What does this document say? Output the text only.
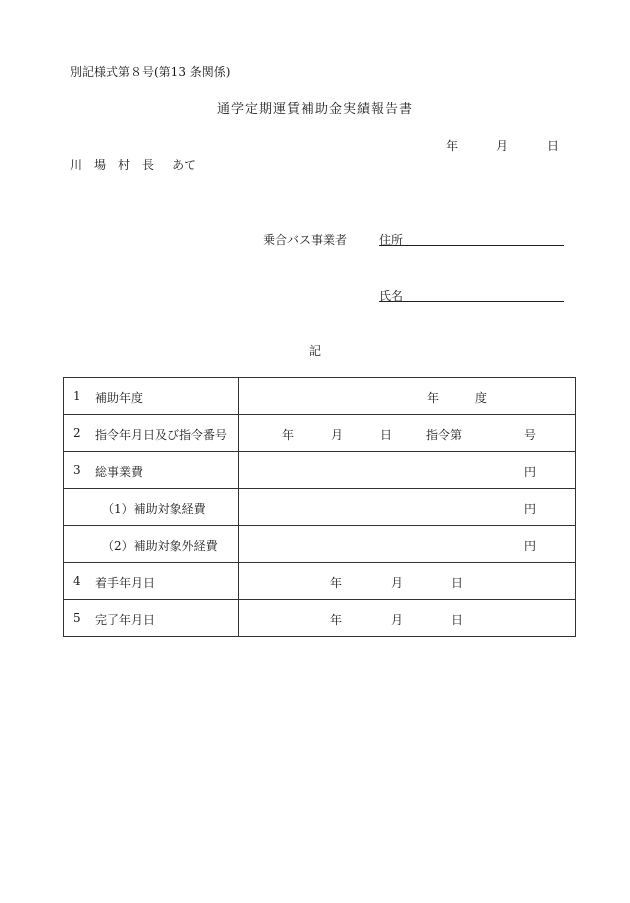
別記様式第８号(第13 条関係)
通学定期運賃補助金実績報告書
年	月	日
川 場 村 長 あて
乗合バス事業者	住所
氏名
記
1 補助年度	年 度

2 指令年月日及び指令番号	年 月 日 指令第 号

3 総事業費	円

（1）補助対象経費	円

（2）補助対象外経費	円

4 着手年月日	年 月 日

5 完了年月日	年 月 日
